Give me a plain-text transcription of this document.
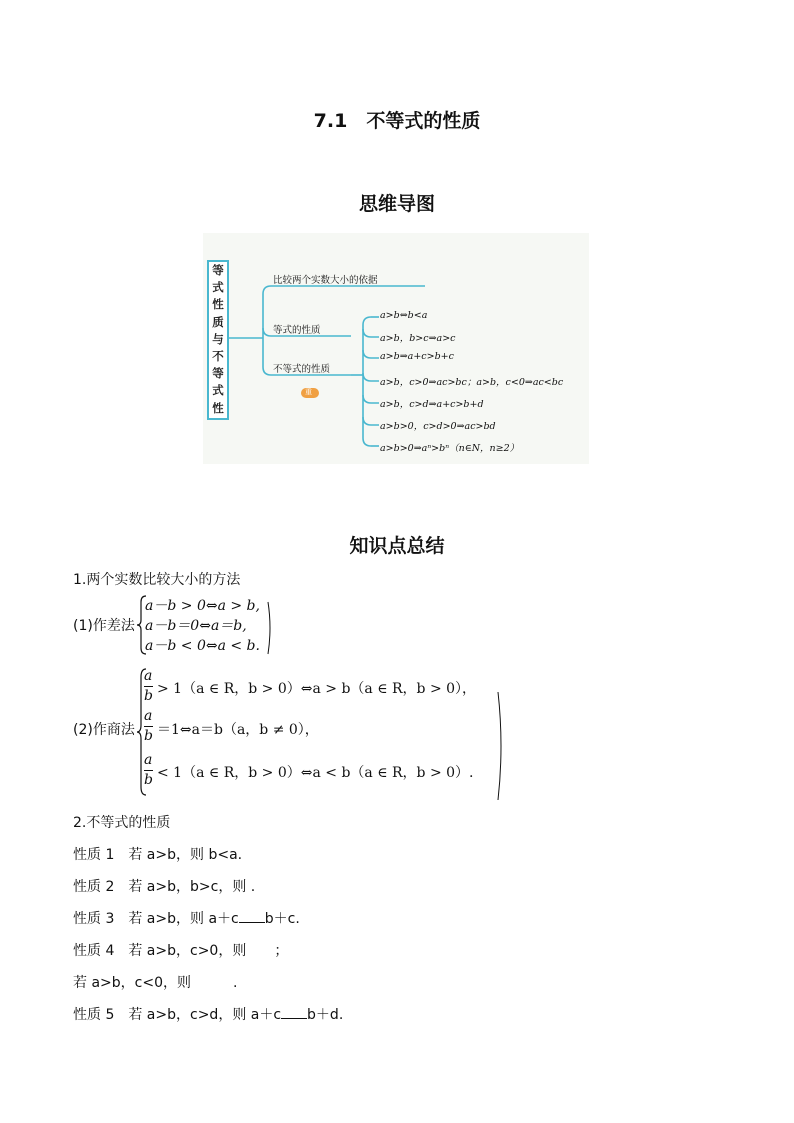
7.1　不等式的性质
思维导图
等
式
性
质
与
不
等
式
性
比较两个实数大小的依据
等式的性质
不等式的性质
重
a>b⇔b<a
a>b，b>c⇒a>c
a>b⇒a+c>b+c
a>b，c>0⇒ac>bc；a>b，c<0⇒ac<bc
a>b，c>d⇒a+c>b+d
a>b>0，c>d>0⇒ac>bd
a>b>0⇒aⁿ>bⁿ（n∈N，n≥2）
知识点总结
1.两个实数比较大小的方法
(1)作差法
a－b > 0⇔a > b,
a－b＝0⇔a＝b,
a－b < 0⇔a < b.
(2)作商法
a
b > 1（a ∈ R，b > 0）⇔a > b（a ∈ R，b > 0），
a
b ＝1⇔a＝b（a，b ≠ 0），
a
b < 1（a ∈ R，b > 0）⇔a < b（a ∈ R，b > 0）.
2.不等式的性质
性质 1　若 a>b，则 b<a.
性质 2　若 a>b，b>c，则 .
性质 3　若 a>b，则 a＋c b＋c.
性质 4　若 a>b，c>0，则　　；
若 a>b，c<0，则　　　.
性质 5　若 a>b，c>d，则 a＋c b＋d.
